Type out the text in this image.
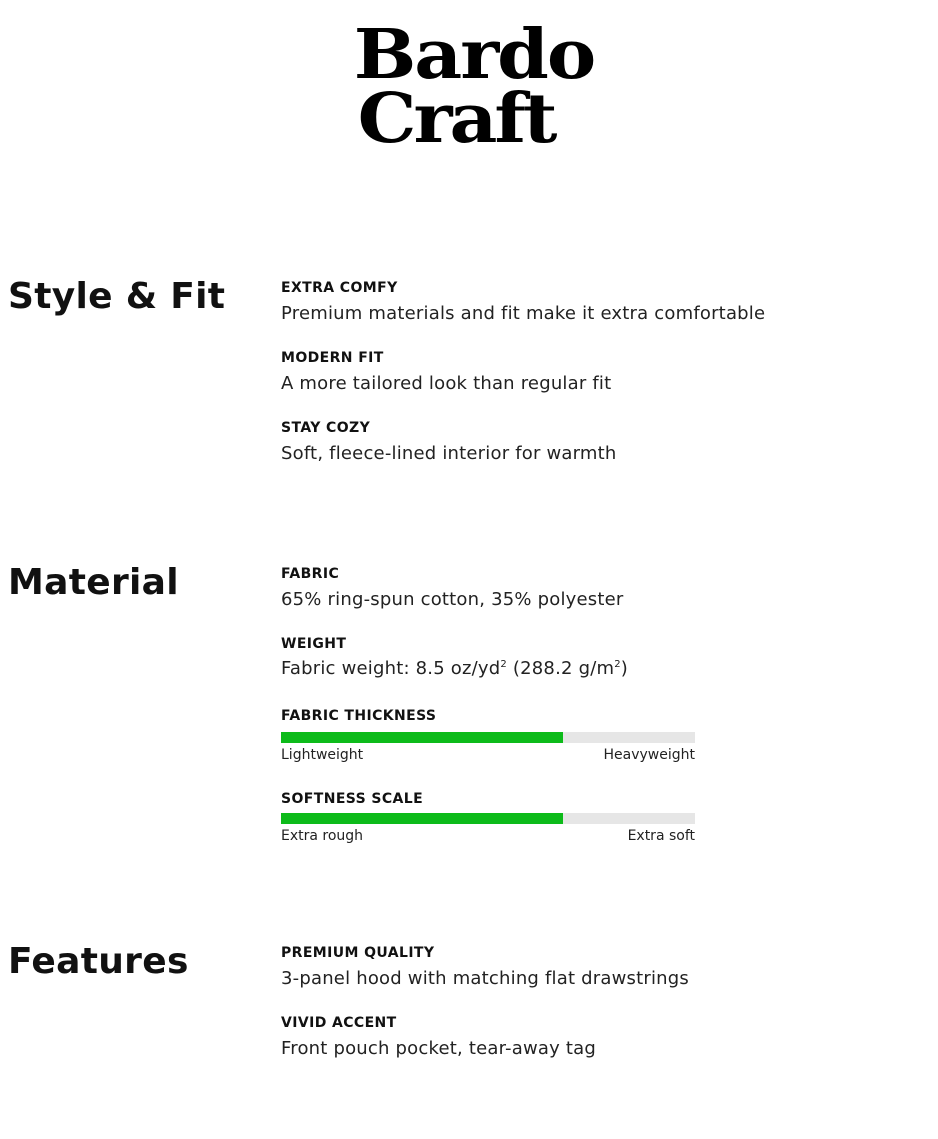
Bardo
Craft
Style & Fit	EXTRA COMFY
Premium materials and fit make it extra comfortable
MODERN FIT
A more tailored look than regular fit
STAY COZY
Soft, fleece-lined interior for warmth
Material	FABRIC
65% ring-spun cotton, 35% polyester
WEIGHT
Fabric weight: 8.5 $oz/yd^2$ (288.2 $g/m^2$)
FABRIC THICKNESS
Lightweight	Heavyweight
SOFTNESS SCALE
Extra rough	Extra soft
Features	PREMIUM QUALITY
3-panel hood with matching flat drawstrings
VIVID ACCENT
Front pouch pocket, tear-away tag
